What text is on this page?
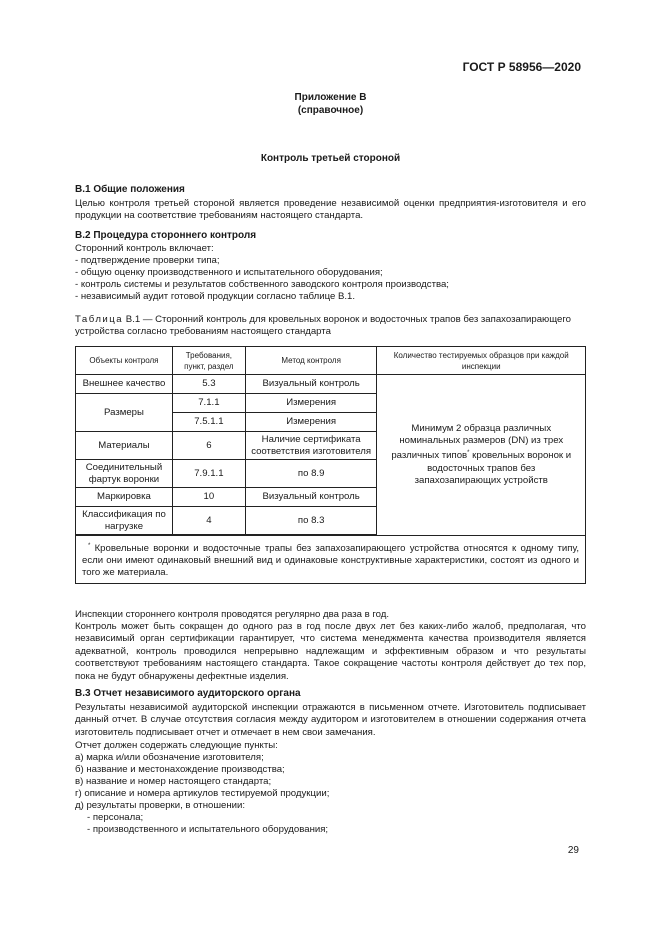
ГОСТ Р 58956—2020
Приложение В
(справочное)
Контроль третьей стороной
В.1 Общие положения
Целью контроля третьей стороной является проведение независимой оценки предприятия-изготовителя и его продукции на соответствие требованиям настоящего стандарта.
В.2 Процедура стороннего контроля
Сторонний контроль включает:
- подтверждение проверки типа;
- общую оценку производственного и испытательного оборудования;
- контроль системы и результатов собственного заводского контроля производства;
- независимый аудит готовой продукции согласно таблице В.1.
Таблица В.1 — Сторонний контроль для кровельных воронок и водосточных трапов без запахозапирающего устройства согласно требованиям настоящего стандарта
Объекты контроля	Требования, пункт, раздел	Метод контроля	Количество тестируемых образцов при каждой инспекции
Внешнее качество	5.3	Визуальный контроль	Минимум 2 образца различных номинальных размеров (DN) из трех различных типов* кровельных воронок и водосточных трапов без запахозапирающих устройств
Размеры	7.1.1	Измерения	
	7.5.1.1	Измерения	
Материалы	6	Наличие сертификата соответствия изготовителя	
Соединительный фартук воронки	7.9.1.1	по 8.9	
Маркировка	10	Визуальный контроль	
Классификация по нагрузке	4	по 8.3	

* Кровельные воронки и водосточные трапы без запахозапирающего устройства относятся к одному типу, если они имеют одинаковый внешний вид и одинаковые конструктивные характеристики, состоят из одного и того же материала.			
Инспекции стороннего контроля проводятся регулярно два раза в год.
Контроль может быть сокращен до одного раз в год после двух лет без каких-либо жалоб, предполагая, что независимый орган сертификации гарантирует, что система менеджмента качества производителя является адекватной, контроль проводился непрерывно надлежащим и эффективным образом и что результаты соответствуют требованиям настоящего стандарта. Такое сокращение частоты контроля действует до тех пор, пока не будут обнаружены дефектные изделия.
В.3 Отчет независимого аудиторского органа
Результаты независимой аудиторской инспекции отражаются в письменном отчете. Изготовитель подписывает данный отчет. В случае отсутствия согласия между аудитором и изготовителем в отношении содержания отчета изготовитель подписывает отчет и отмечает в нем свои замечания.
Отчет должен содержать следующие пункты:
а) марка и/или обозначение изготовителя;
б) название и местонахождение производства;
в) название и номер настоящего стандарта;
г) описание и номера артикулов тестируемой продукции;
д) результаты проверки, в отношении:
- персонала;
- производственного и испытательного оборудования;
29
